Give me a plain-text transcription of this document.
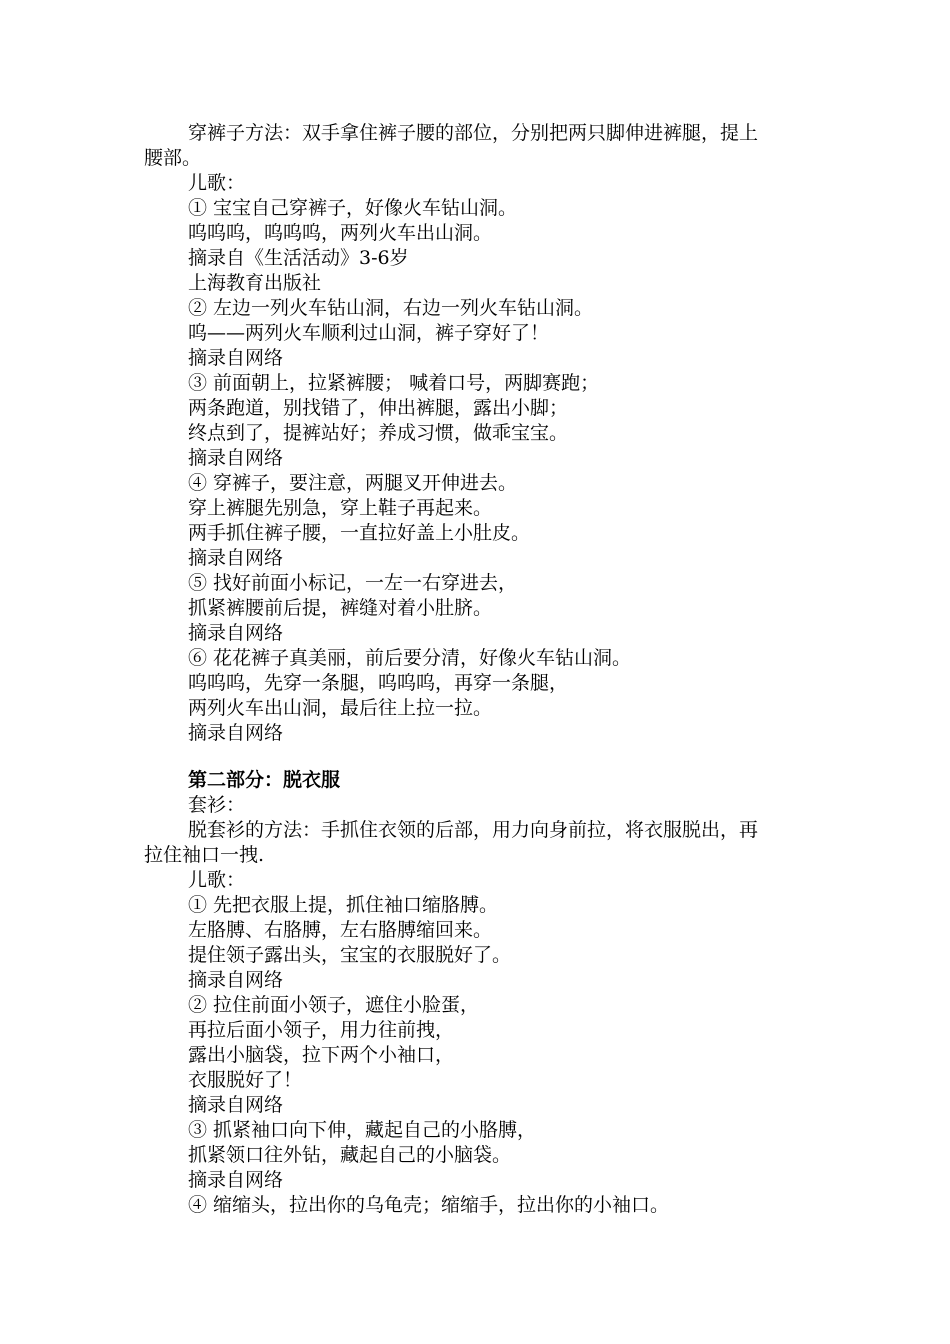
穿裤子方法：双手拿住裤子腰的部位，分别把两只脚伸进裤腿，提上
腰部。
儿歌：
① 宝宝自己穿裤子，好像火车钻山洞。
呜呜呜，呜呜呜，两列火车出山洞。
摘录自《生活活动》3-6岁
上海教育出版社
② 左边一列火车钻山洞，右边一列火车钻山洞。
呜——两列火车顺利过山洞，裤子穿好了！
摘录自网络
③ 前面朝上，拉紧裤腰； 喊着口号，两脚赛跑；
两条跑道，别找错了，伸出裤腿，露出小脚；
终点到了，提裤站好；养成习惯，做乖宝宝。
摘录自网络
④ 穿裤子，要注意，两腿叉开伸进去。
穿上裤腿先别急，穿上鞋子再起来。
两手抓住裤子腰，一直拉好盖上小肚皮。
摘录自网络
⑤ 找好前面小标记，一左一右穿进去，
抓紧裤腰前后提，裤缝对着小肚脐。
摘录自网络
⑥ 花花裤子真美丽，前后要分清，好像火车钻山洞。
呜呜呜，先穿一条腿，呜呜呜，再穿一条腿，
两列火车出山洞，最后往上拉一拉。
摘录自网络
第二部分：脱衣服
套衫：
脱套衫的方法：手抓住衣领的后部，用力向身前拉，将衣服脱出，再
拉住袖口一拽.
儿歌：
① 先把衣服上提，抓住袖口缩胳膊。
左胳膊、右胳膊，左右胳膊缩回来。
提住领子露出头，宝宝的衣服脱好了。
摘录自网络
② 拉住前面小领子，遮住小脸蛋，
再拉后面小领子，用力往前拽，
露出小脑袋，拉下两个小袖口，
衣服脱好了！
摘录自网络
③ 抓紧袖口向下伸，藏起自己的小胳膊，
抓紧领口往外钻，藏起自己的小脑袋。
摘录自网络
④ 缩缩头，拉出你的乌龟壳；缩缩手，拉出你的小袖口。
